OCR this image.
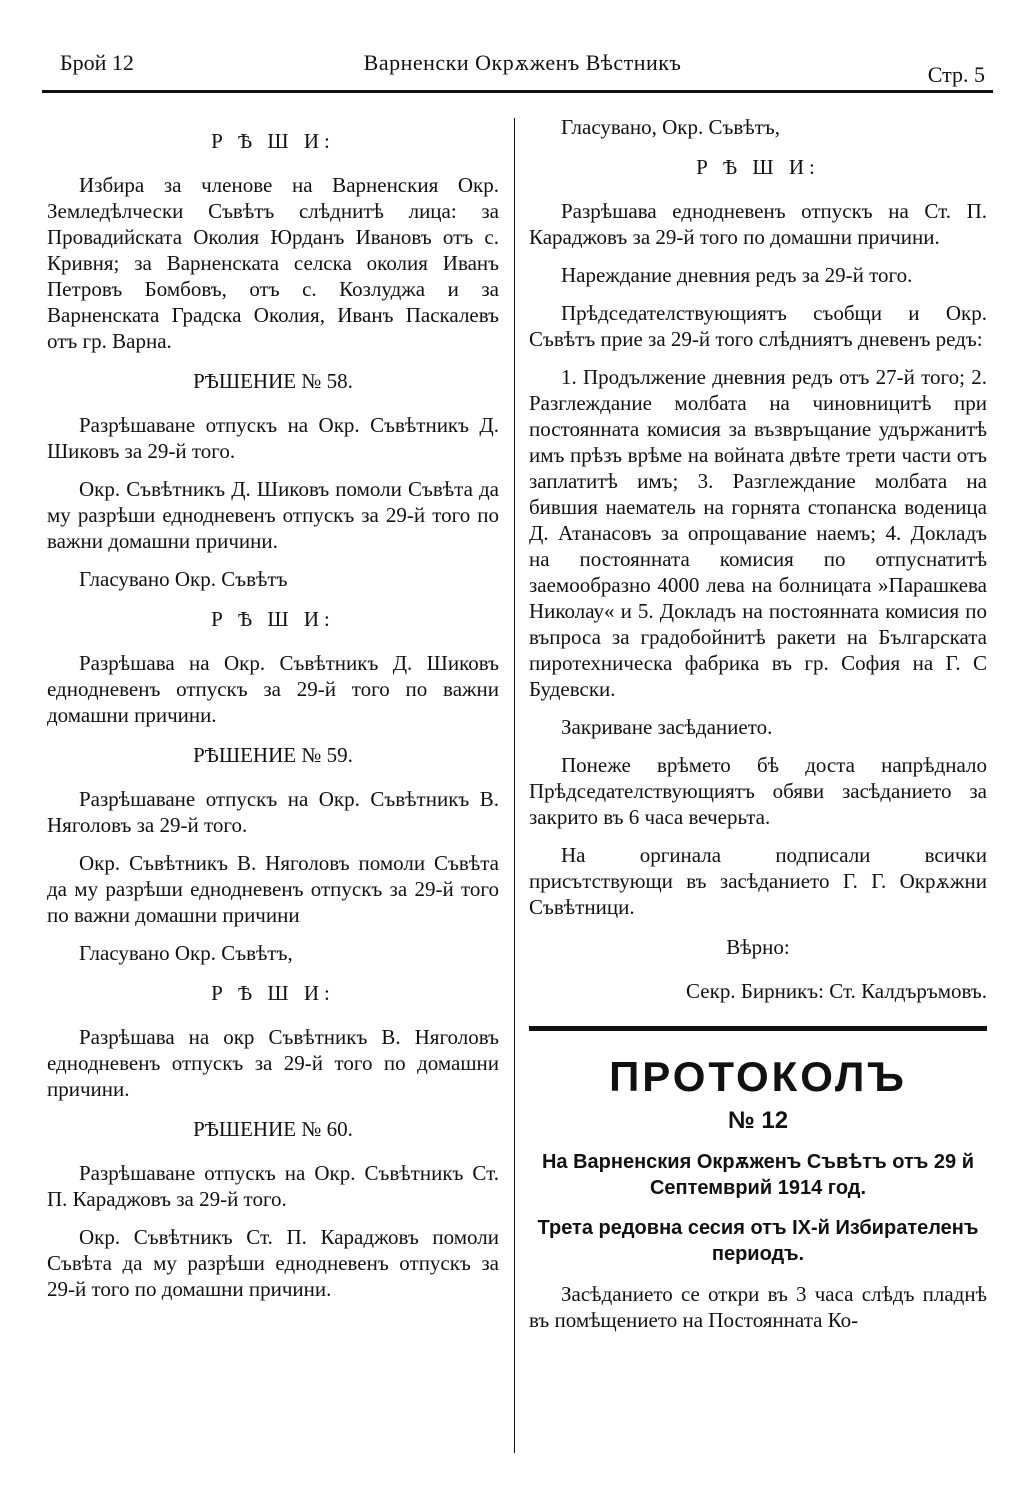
Брой 12	Варненски Окрѫженъ Вѣстникъ	Стр. 5

Р Ѣ Ш И:

Избира за членове на Варненския Окр. Земледѣлчески Съвѣтъ слѣднитѣ лица: за Провадийската Околия Юрданъ Ивановъ отъ с. Кривня; за Варненската селска околия Иванъ Петровъ Бомбовъ, отъ с. Козлуджа и за Варненската Градска Околия, Иванъ Паскалевъ отъ гр. Варна.

РѢШЕНИЕ № 58.

Разрѣшаване отпускъ на Окр. Съвѣтникъ Д. Шиковъ за 29-й того.

Окр. Съвѣтникъ Д. Шиковъ помоли Съвѣта да му разрѣши еднодневенъ отпускъ за 29-й того по важни домашни причини.

Гласувано Окр. Съвѣтъ

Р Ѣ Ш И:

Разрѣшава на Окр. Съвѣтникъ Д. Шиковъ еднодневенъ отпускъ за 29-й того по важни домашни причини.

РѢШЕНИЕ № 59.

Разрѣшаване отпускъ на Окр. Съвѣтникъ В. Няголовъ за 29-й того.

Окр. Съвѣтникъ В. Няголовъ помоли Съвѣта да му разрѣши еднодневенъ отпускъ за 29-й того по важни домашни причини

Гласувано Окр. Съвѣтъ,

Р Ѣ Ш И:

Разрѣшава на окр Съвѣтникъ В. Няголовъ еднодневенъ отпускъ за 29-й того по домашни причини.

РѢШЕНИЕ № 60.

Разрѣшаване отпускъ на Окр. Съвѣтникъ Ст. П. Караджовъ за 29-й того.

Окр. Съвѣтникъ Ст. П. Караджовъ помоли Съвѣта да му разрѣши еднодневенъ отпускъ за 29-й того по домашни причини.

Гласувано, Окр. Съвѣтъ,

Р Ѣ Ш И:

Разрѣшава еднодневенъ отпускъ на Ст. П. Караджовъ за 29-й того по домашни причини.

Нареждание дневния редъ за 29-й того.

Прѣдседателствующиятъ съобщи и Окр. Съвѣтъ прие за 29-й того слѣдниятъ дневенъ редъ:

1. Продължение дневния редъ отъ 27-й того; 2. Разглеждание молбата на чиновницитѣ при постоянната комисия за възвръщание удържанитѣ имъ прѣзъ врѣме на войната двѣте трети части отъ заплатитѣ имъ; 3. Разглеждание молбата на бившия наематель на горнята стопанска воденица Д. Атанасовъ за опрощавание наемъ; 4. Докладъ на постоянната комисия по отпуснатитѣ заемообразно 4000 лева на болницата »Парашкева Николау« и 5. Докладъ на постоянната комисия по въпроса за градобойнитѣ ракети на Българската пиротехническа фабрика въ гр. София на Г. С Будевски.

Закриване засѣданието.

Понеже врѣмето бѣ доста напрѣднало Прѣдседателствующиятъ обяви засѣданието за закрито въ 6 часа вечерьта.

На оргинала подписали всички присътствующи въ засѣданието Г. Г. Окрѫжни Съвѣтници.

Вѣрно:

Секр. Бирникъ: Ст. Калдъръмовъ.

ПРОТОКОЛЪ
№ 12
На Варненския Окрѫженъ Съвѣтъ отъ 29 й Септемврий 1914 год.
Трета редовна сесия отъ IX-й Избирателенъ периодъ.

Засѣданието се откри въ 3 часа слѣдъ пладнѣ въ помѣщението на Постоянната Ко-
